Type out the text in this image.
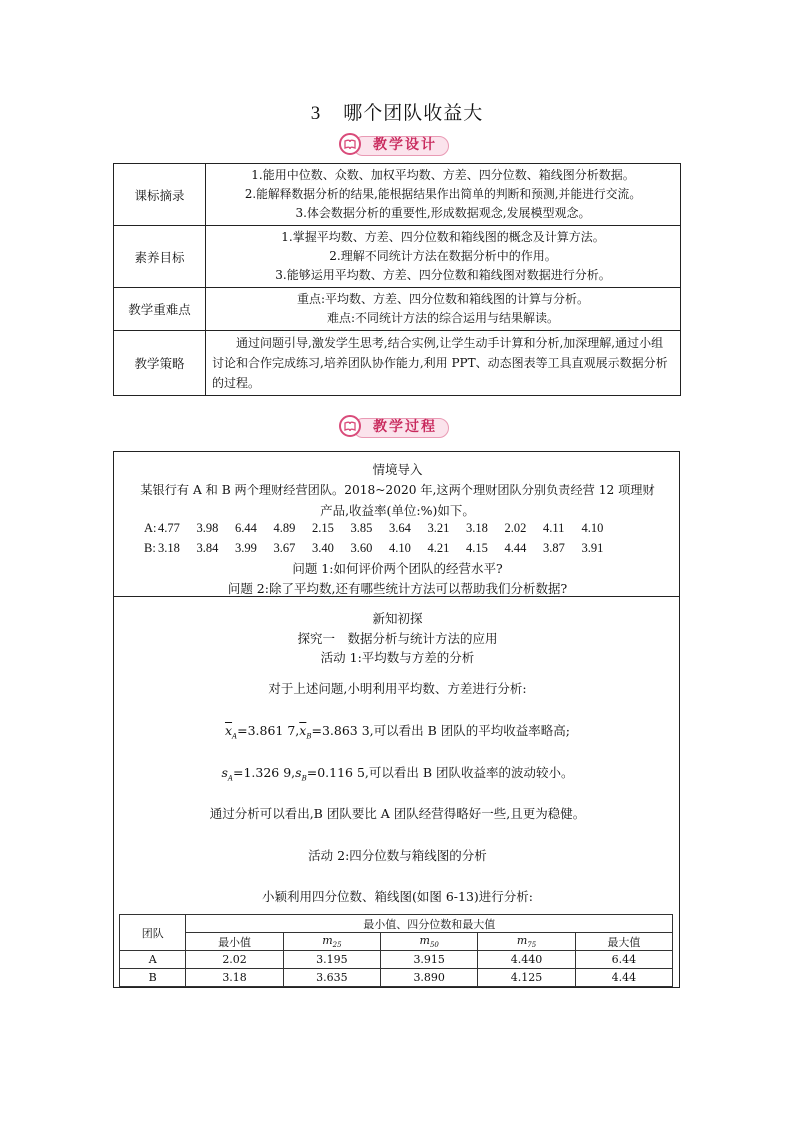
3 哪个团队收益大
教学设计
课标摘录	1.能用中位数、众数、加权平均数、方差、四分位数、箱线图分析数据。
2.能解释数据分析的结果,能根据结果作出简单的判断和预测,并能进行交流。
3.体会数据分析的重要性,形成数据观念,发展模型观念。

素养目标	1.掌握平均数、方差、四分位数和箱线图的概念及计算方法。
2.理解不同统计方法在数据分析中的作用。
3.能够运用平均数、方差、四分位数和箱线图对数据进行分析。

教学重难点	重点:平均数、方差、四分位数和箱线图的计算与分析。
难点:不同统计方法的综合运用与结果解读。

教学策略	通过问题引导,激发学生思考,结合实例,让学生动手计算和分析,加深理解,通过小组讨论和合作完成练习,培养团队协作能力,利用 PPT、动态图表等工具直观展示数据分析的过程。
教学过程
情境导入
某银行有 A 和 B 两个理财经营团队。2018~2020 年,这两个理财团队分别负责经营 12 项理财
产品,收益率(单位:%)如下。
A: 4.77 3.98 6.44 4.89 2.15 3.85 3.64 3.21 3.18 2.02 4.11 4.10
B: 3.18 3.84 3.99 3.67 3.40 3.60 4.10 4.21 4.15 4.44 3.87 3.91
问题 1:如何评价两个团队的经营水平?
问题 2:除了平均数,还有哪些统计方法可以帮助我们分析数据?
新知初探
探究一　数据分析与统计方法的应用
活动 1:平均数与方差的分析
对于上述问题,小明利用平均数、方差进行分析:
$\overline{x}_A=3.861$ $7,\overline{x}_B=3.863$ 3,可以看出 B 团队的平均收益率略高;
$s_A=1.326$ $9,s_B=0.116$ 5,可以看出 B 团队收益率的波动较小。
通过分析可以看出,B 团队要比 A 团队经营得略好一些,且更为稳健。
活动 2:四分位数与箱线图的分析
小颖利用四分位数、箱线图(如图 6-13)进行分析:
团队	最小值、四分位数和最大值				
	最小值	$m_{25}$	$m_{50}$	$m_{75}$	最大值
A	2.02	3.195	3.915	4.440	6.44
B	3.18	3.635	3.890	4.125	4.44
